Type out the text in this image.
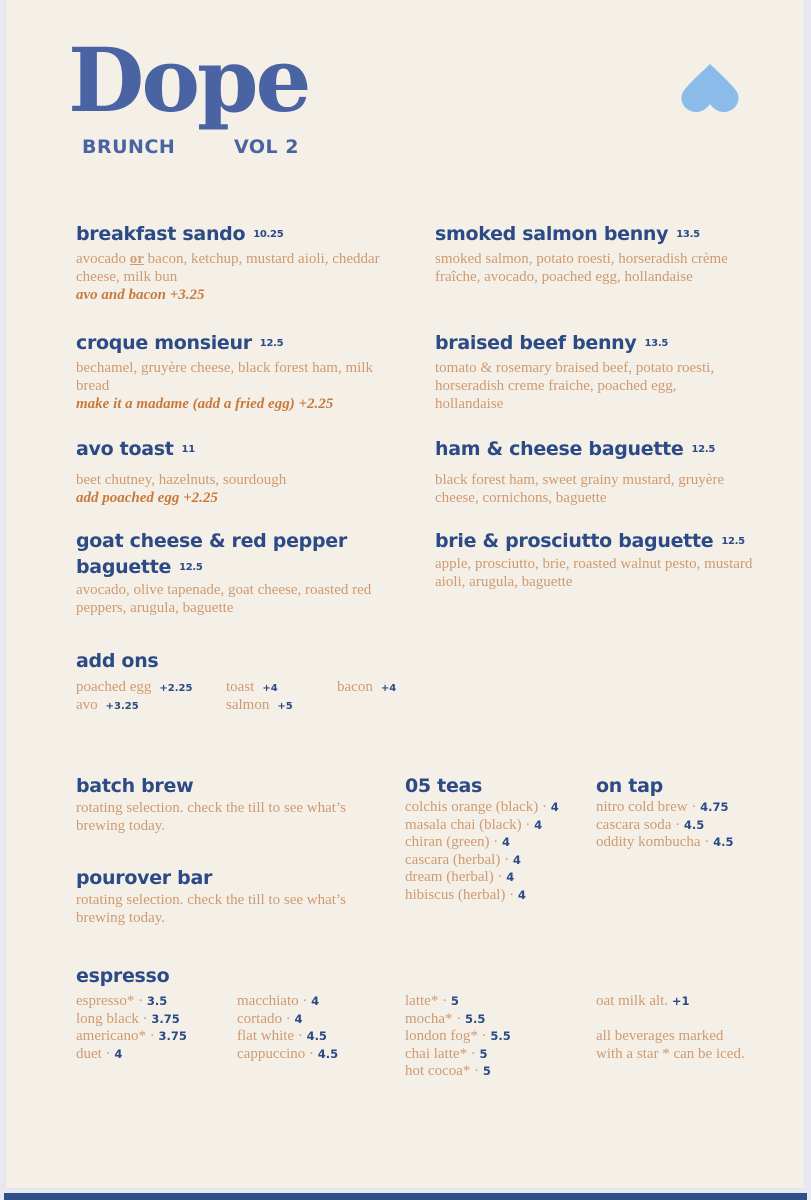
Dope
BRUNCH	VOL 2
breakfast sando 10.25
avocado or bacon, ketchup, mustard aioli, cheddar cheese, milk bun
avo and bacon +3.25
croque monsieur 12.5
bechamel, gruyère cheese, black forest ham, milk bread
make it a madame (add a fried egg) +2.25
avo toast 11
beet chutney, hazelnuts, sourdough
add poached egg +2.25
goat cheese & red pepper
baguette 12.5
avocado, olive tapenade, goat cheese, roasted red peppers, arugula, baguette
smoked salmon benny 13.5
smoked salmon, potato roesti, horseradish crème fraîche, avocado, poached egg, hollandaise
braised beef benny 13.5
tomato & rosemary braised beef, potato roesti, horseradish creme fraiche, poached egg, hollandaise
ham & cheese baguette 12.5
black forest ham, sweet grainy mustard, gruyère cheese, cornichons, baguette
brie & prosciutto baguette 12.5
apple, prosciutto, brie, roasted walnut pesto, mustard aioli, arugula, baguette
add ons
poached egg +2.25
avo +3.25
toast +4
salmon +5
bacon +4
batch brew
rotating selection. check the till to see what’s brewing today.
pourover bar
rotating selection. check the till to see what’s brewing today.
05 teas
colchis orange (black) · 4
masala chai (black) · 4
chiran (green) · 4
cascara (herbal) · 4
dream (herbal) · 4
hibiscus (herbal) · 4
on tap
nitro cold brew · 4.75
cascara soda · 4.5
oddity kombucha · 4.5
espresso
espresso* · 3.5
long black · 3.75
americano* · 3.75
duet · 4
macchiato · 4
cortado · 4
flat white · 4.5
cappuccino · 4.5
latte* · 5
mocha* · 5.5
london fog* · 5.5
chai latte* · 5
hot cocoa* · 5
oat milk alt. +1
all beverages marked
with a star * can be iced.
